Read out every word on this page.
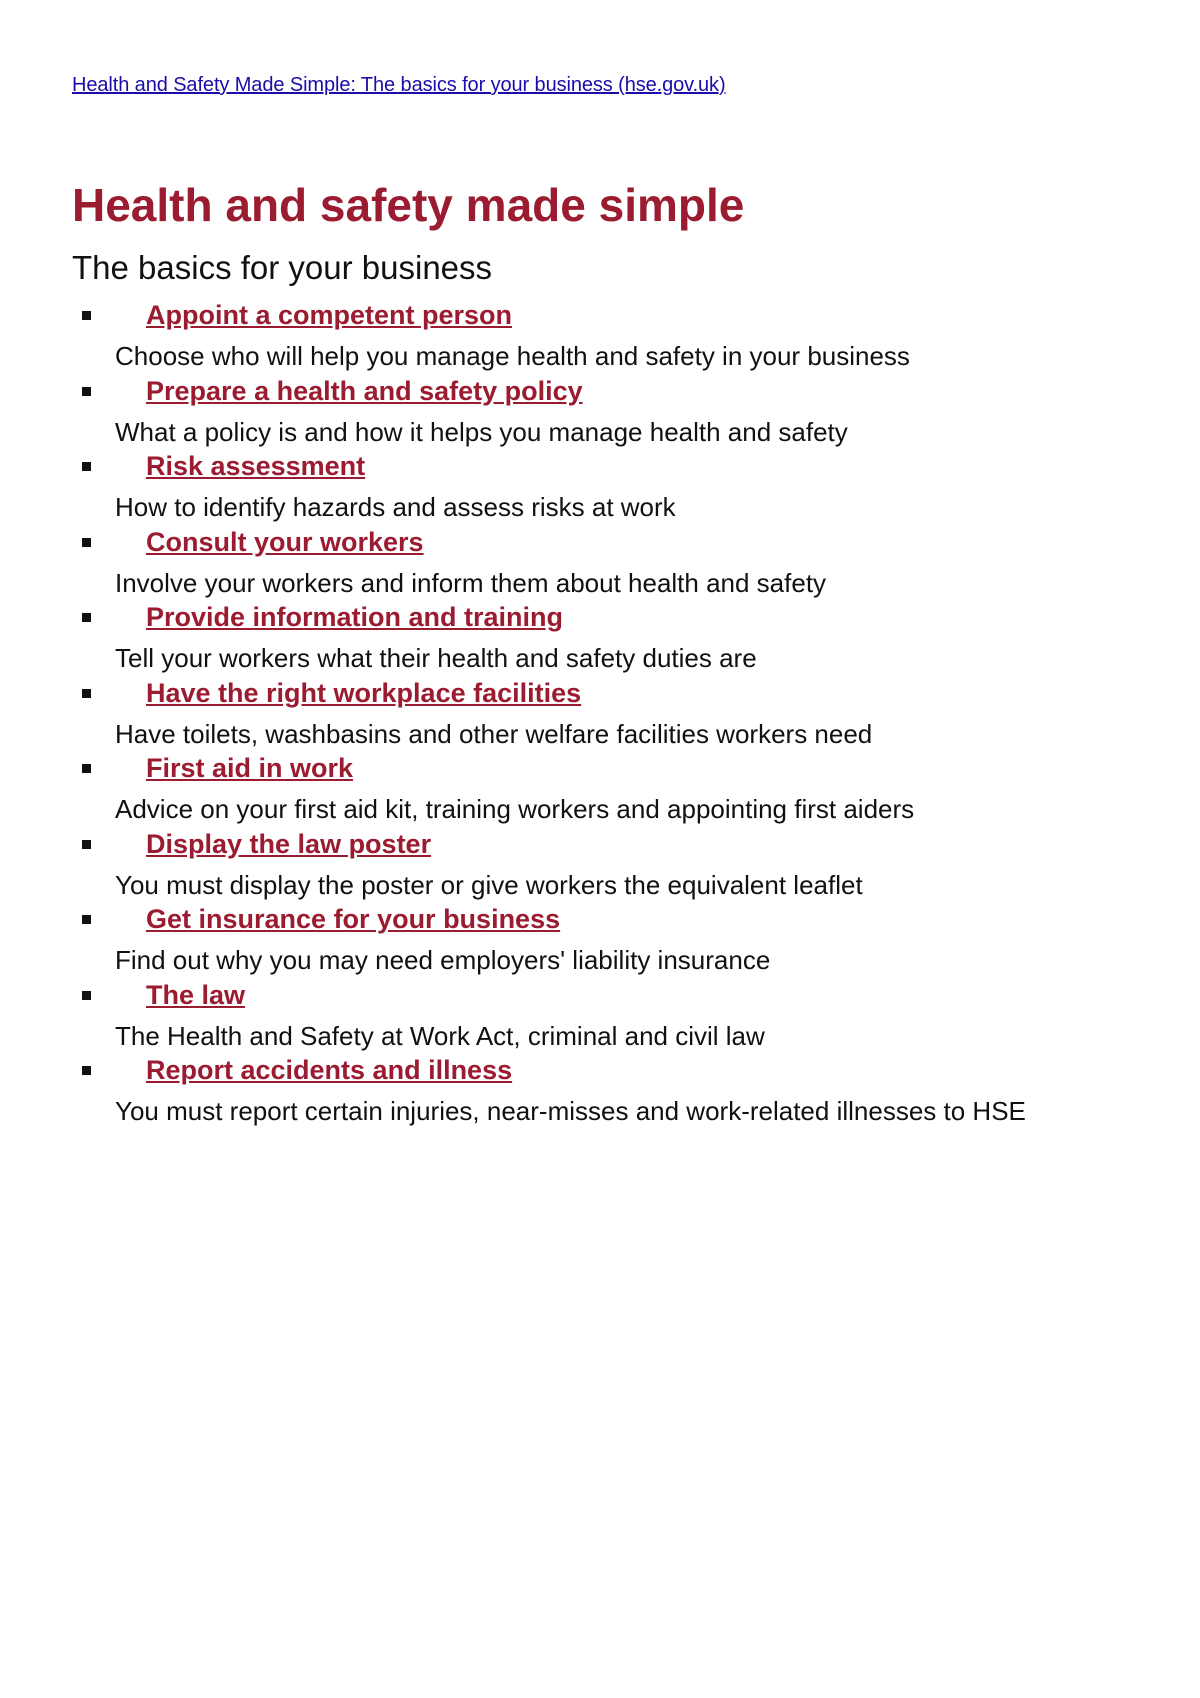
Health and Safety Made Simple: The basics for your business (hse.gov.uk)
Health and safety made simple
The basics for your business
Appoint a competent person
Choose who will help you manage health and safety in your business
Prepare a health and safety policy
What a policy is and how it helps you manage health and safety
Risk assessment
How to identify hazards and assess risks at work
Consult your workers
Involve your workers and inform them about health and safety
Provide information and training
Tell your workers what their health and safety duties are
Have the right workplace facilities
Have toilets, washbasins and other welfare facilities workers need
First aid in work
Advice on your first aid kit, training workers and appointing first aiders
Display the law poster
You must display the poster or give workers the equivalent leaflet
Get insurance for your business
Find out why you may need employers' liability insurance
The law
The Health and Safety at Work Act, criminal and civil law
Report accidents and illness
You must report certain injuries, near-misses and work-related illnesses to HSE
